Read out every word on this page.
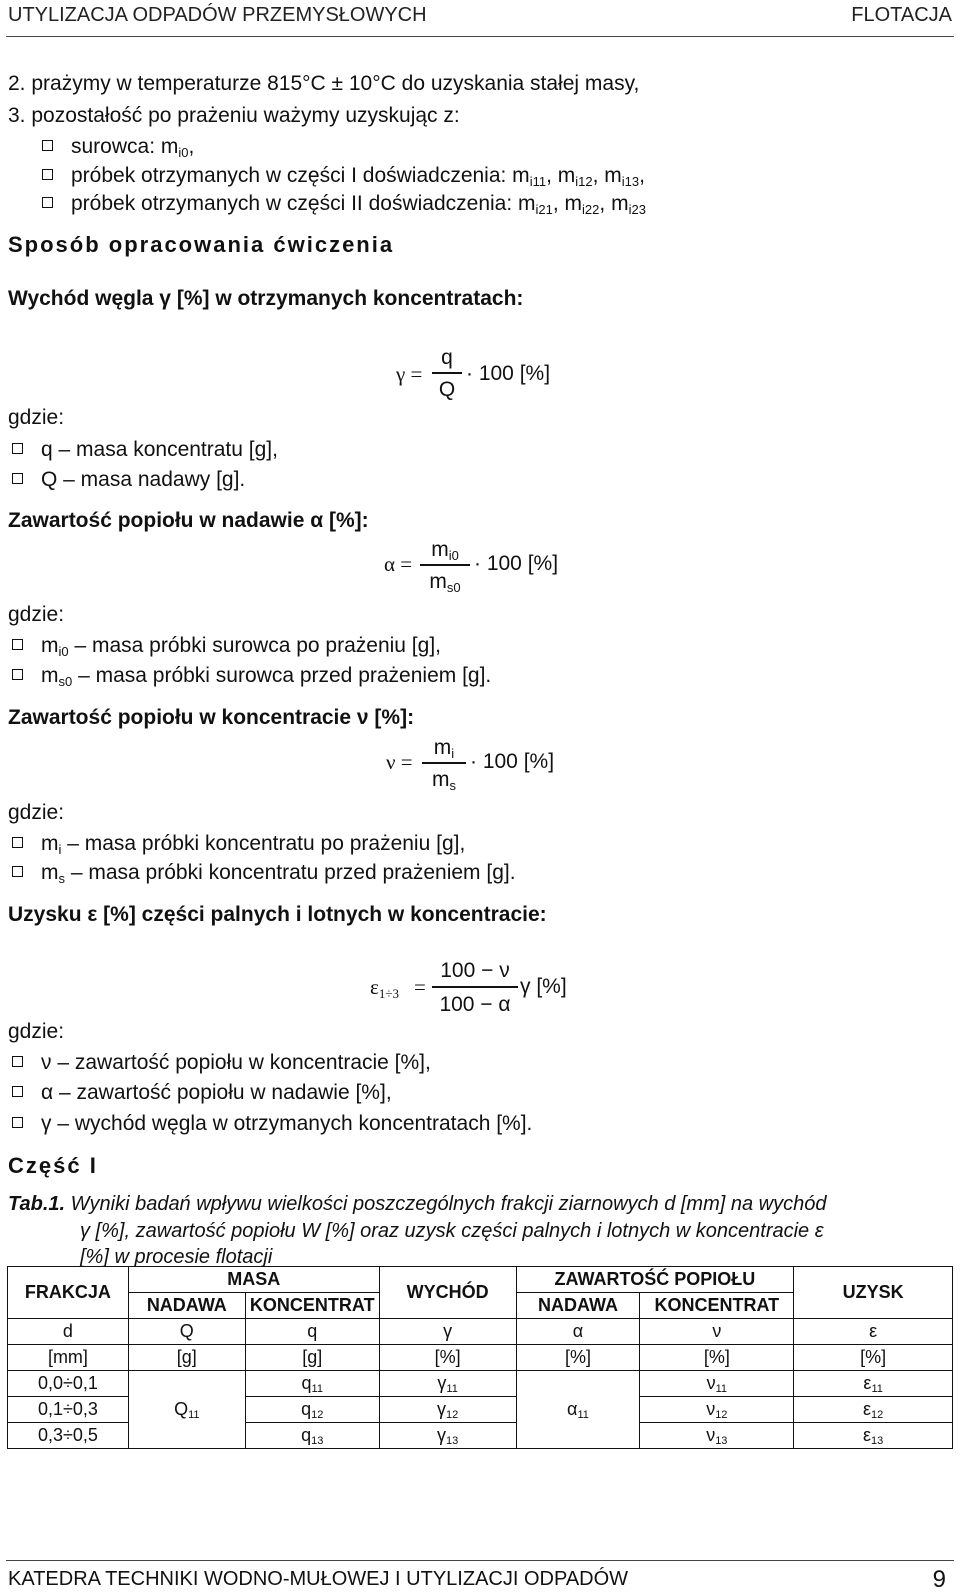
UTYLIZACJA ODPADÓW PRZEMYSŁOWYCH	FLOTACJA
2. prażymy w temperaturze 815°C ± 10°C do uzyskania stałej masy,
3. pozostałość po prażeniu ważymy uzyskując z:
surowca: mi0,
próbek otrzymanych w części I doświadczenia: mi11, mi12, mi13,
próbek otrzymanych w części II doświadczenia: mi21, mi22, mi23
Sposób opracowania ćwiczenia
Wychód węgla γ [%] w otrzymanych koncentratach:
γ =
q
Q
· 100 [%]
gdzie:
q – masa koncentratu [g],
Q – masa nadawy [g].
Zawartość popiołu w nadawie α [%]:
α =
mi0
ms0
· 100 [%]
gdzie:
mi0 – masa próbki surowca po prażeniu [g],
ms0 – masa próbki surowca przed prażeniem [g].
Zawartość popiołu w koncentracie ν [%]:
ν =
mi
ms
· 100 [%]
gdzie:
mi – masa próbki koncentratu po prażeniu [g],
ms – masa próbki koncentratu przed prażeniem [g].
Uzysku ε [%] części palnych i lotnych w koncentracie:
ε1÷3 =
100 − ν
100 − α
γ [%]
gdzie:
ν – zawartość popiołu w koncentracie [%],
α – zawartość popiołu w nadawie [%],
γ – wychód węgla w otrzymanych koncentratach [%].
Część I
Tab.1. Wyniki badań wpływu wielkości poszczególnych frakcji ziarnowych d [mm] na wychód
γ [%], zawartość popiołu W [%] oraz uzysk części palnych i lotnych w koncentracie ε
[%] w procesie flotacji
FRAKCJA	MASA		WYCHÓD	ZAWARTOŚĆ POPIOŁU		UZYSK
	NADAWA	KONCENTRAT		NADAWA	KONCENTRAT	
d	Q	q	γ	α	ν	ε
[mm]	[g]	[g]	[%]	[%]	[%]	[%]
0,0÷0,1	Q11	q11	γ11	α11	ν11	ε11
0,1÷0,3		q12	γ12		ν12	ε12
0,3÷0,5		q13	γ13		ν13	ε13
KATEDRA TECHNIKI WODNO-MUŁOWEJ I UTYLIZACJI ODPADÓW	9
